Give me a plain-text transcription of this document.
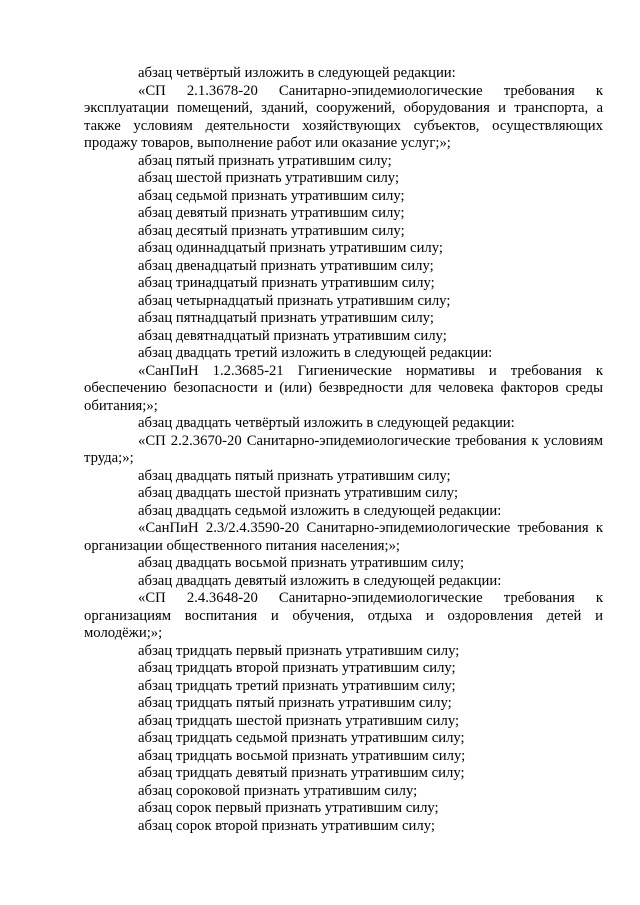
абзац четвёртый изложить в следующей редакции:

«СП 2.1.3678-20 Санитарно-эпидемиологические требования к эксплуатации помещений, зданий, сооружений, оборудования и транспорта, а также условиям деятельности хозяйствующих субъектов, осуществляющих продажу товаров, выполнение работ или оказание услуг;»;

абзац пятый признать утратившим силу;

абзац шестой признать утратившим силу;

абзац седьмой признать утратившим силу;

абзац девятый признать утратившим силу;

абзац десятый признать утратившим силу;

абзац одиннадцатый признать утратившим силу;

абзац двенадцатый признать утратившим силу;

абзац тринадцатый признать утратившим силу;

абзац четырнадцатый признать утратившим силу;

абзац пятнадцатый признать утратившим силу;

абзац девятнадцатый признать утратившим силу;

абзац двадцать третий изложить в следующей редакции:

«СанПиН 1.2.3685-21 Гигиенические нормативы и требования к обеспечению безопасности и (или) безвредности для человека факторов среды обитания;»;

абзац двадцать четвёртый изложить в следующей редакции:

«СП 2.2.3670-20 Санитарно-эпидемиологические требования к условиям труда;»;

абзац двадцать пятый признать утратившим силу;

абзац двадцать шестой признать утратившим силу;

абзац двадцать седьмой изложить в следующей редакции:

«СанПиН 2.3/2.4.3590-20 Санитарно-эпидемиологические требования к организации общественного питания населения;»;

абзац двадцать восьмой признать утратившим силу;

абзац двадцать девятый изложить в следующей редакции:

«СП 2.4.3648-20 Санитарно-эпидемиологические требования к организациям воспитания и обучения, отдыха и оздоровления детей и молодёжи;»;

абзац тридцать первый признать утратившим силу;

абзац тридцать второй признать утратившим силу;

абзац тридцать третий признать утратившим силу;

абзац тридцать пятый признать утратившим силу;

абзац тридцать шестой признать утратившим силу;

абзац тридцать седьмой признать утратившим силу;

абзац тридцать восьмой признать утратившим силу;

абзац тридцать девятый признать утратившим силу;

абзац сороковой признать утратившим силу;

абзац сорок первый признать утратившим силу;

абзац сорок второй признать утратившим силу;
